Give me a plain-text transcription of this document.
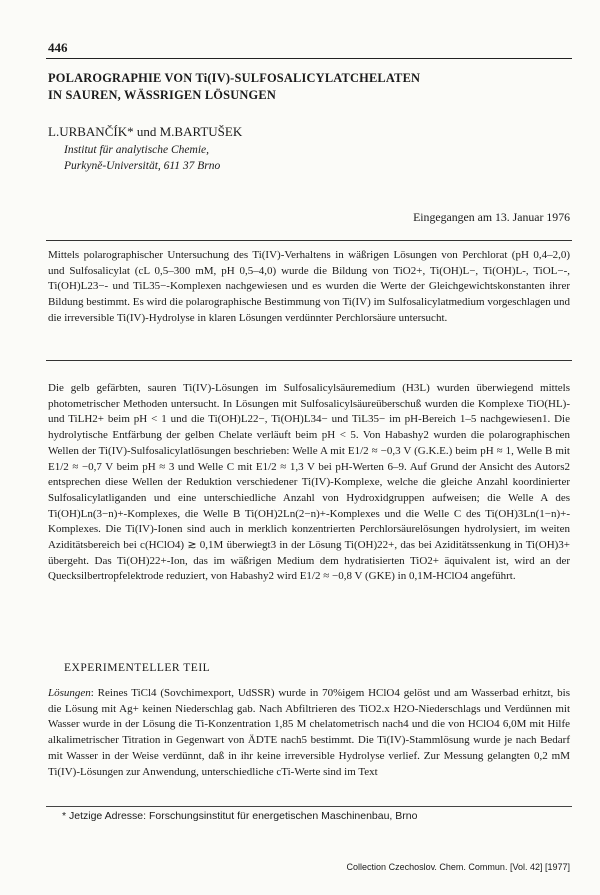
446
POLAROGRAPHIE VON Ti(IV)-SULFOSALICYLATCHELATEN
IN SAUREN, WÄSSRIGEN LÖSUNGEN
L.URBANČÍK* und M.BARTUŠEK
Institut für analytische Chemie,
Purkyně-Universität, 611 37 Brno
Eingegangen am 13. Januar 1976
Mittels polarographischer Untersuchung des Ti(IV)-Verhaltens in wäßrigen Lösungen von Perchlorat (pH 0,4–2,0) und Sulfosalicylat (cL 0,5–300 mM, pH 0,5–4,0) wurde die Bildung von TiO2+, Ti(OH)L−, Ti(OH)L-, TiOL−-, Ti(OH)L23−- und TiL35−-Komplexen nachgewiesen und es wurden die Werte der Gleichgewichtskonstanten ihrer Bildung bestimmt. Es wird die polarographische Bestimmung von Ti(IV) im Sulfosalicylatmedium vorgeschlagen und die irreversible Ti(IV)-Hydrolyse in klaren Lösungen verdünnter Perchlorsäure untersucht.
Die gelb gefärbten, sauren Ti(IV)-Lösungen im Sulfosalicylsäuremedium (H3L) wurden überwiegend mittels photometrischer Methoden untersucht. In Lösungen mit Sulfosalicylsäureüberschuß wurden die Komplexe TiO(HL)- und TiLH2+ beim pH < 1 und die Ti(OH)L22−, Ti(OH)L34− und TiL35− im pH-Bereich 1–5 nachgewiesen1. Die hydrolytische Entfärbung der gelben Chelate verläuft beim pH < 5. Von Habashy2 wurden die polarographischen Wellen der Ti(IV)-Sulfosalicylatlösungen beschrieben: Welle A mit E1/2 ≈ −0,3 V (G.K.E.) beim pH ≈ 1, Welle B mit E1/2 ≈ −0,7 V beim pH ≈ 3 und Welle C mit E1/2 ≈ 1,3 V bei pH-Werten 6–9. Auf Grund der Ansicht des Autors2 entsprechen diese Wellen der Reduktion verschiedener Ti(IV)-Komplexe, welche die gleiche Anzahl koordinierter Sulfosalicylatliganden und eine unterschiedliche Anzahl von Hydroxidgruppen aufweisen; die Welle A des Ti(OH)Ln(3−n)+-Komplexes, die Welle B Ti(OH)2Ln(2−n)+-Komplexes und die Welle C des Ti(OH)3Ln(1−n)+-Komplexes. Die Ti(IV)-Ionen sind auch in merklich konzentrierten Perchlorsäurelösungen hydrolysiert, im weiten Aziditätsbereich bei c(HClO4) ≳ 0,1M überwiegt3 in der Lösung Ti(OH)22+, das bei Aziditätssenkung in Ti(OH)3+ übergeht. Das Ti(OH)22+-Ion, das im wäßrigen Medium dem hydratisierten TiO2+ äquivalent ist, wird an der Quecksilbertropfelektrode reduziert, von Habashy2 wird E1/2 ≈ −0,8 V (GKE) in 0,1M-HClO4 angeführt.
EXPERIMENTELLER TEIL
Lösungen: Reines TiCl4 (Sovchimexport, UdSSR) wurde in 70%igem HClO4 gelöst und am Wasserbad erhitzt, bis die Lösung mit Ag+ keinen Niederschlag gab. Nach Abfiltrieren des TiO2.x H2O-Niederschlags und Verdünnen mit Wasser wurde in der Lösung die Ti-Konzentration 1,85 M chelatometrisch nach4 und die von HClO4 6,0M mit Hilfe alkalimetrischer Titration in Gegenwart von ÄDTE nach5 bestimmt. Die Ti(IV)-Stammlösung wurde je nach Bedarf mit Wasser in der Weise verdünnt, daß in ihr keine irreversible Hydrolyse verlief. Zur Messung gelangten 0,2 mM Ti(IV)-Lösungen zur Anwendung, unterschiedliche cTi-Werte sind im Text
* Jetzige Adresse: Forschungsinstitut für energetischen Maschinenbau, Brno
Collection Czechoslov. Chem. Commun. [Vol. 42] [1977]
